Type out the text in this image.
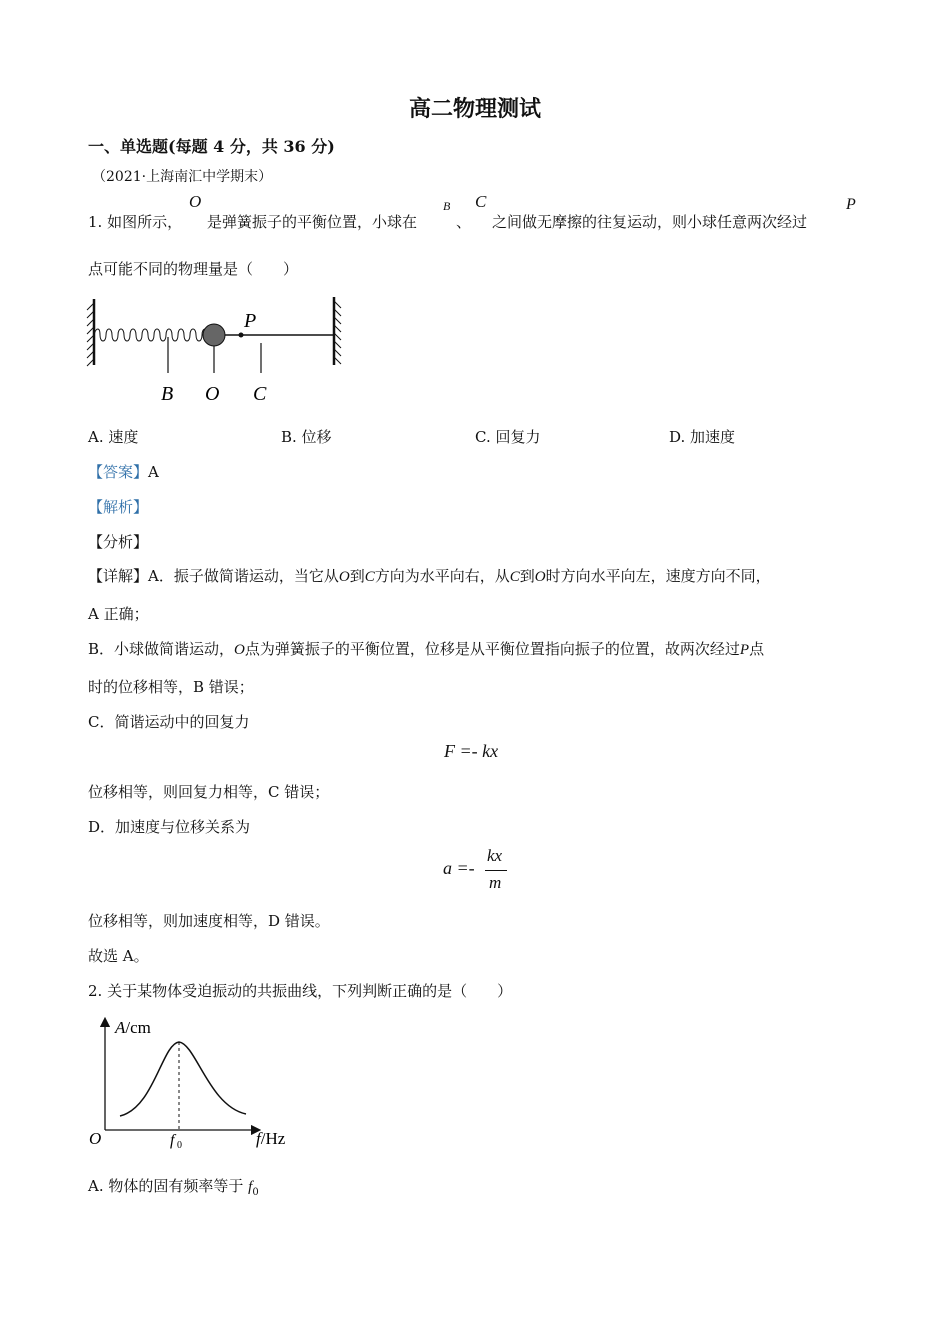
高二物理测试
一、单选题(每题 4 分，共 36 分)
（2021·上海南汇中学期末）
1. 如图所示，
O
是弹簧振子的平衡位置，小球在
B
、
C
之间做无摩擦的往复运动，则小球任意两次经过
P
点可能不同的物理量是（　　）
P
B O C
A. 速度	B. 位移	C. 回复力	D. 加速度
【答案】A
【解析】
【分析】
【详解】A．振子做简谐运动，当它从O到C方向为水平向右，从C到O时方向水平向左，速度方向不同，
A 正确；
B．小球做简谐运动，O点为弹簧振子的平衡位置，位移是从平衡位置指向振子的位置，故两次经过P点
时的位移相等，B 错误；
C．简谐运动中的回复力
F =- kx
位移相等，则回复力相等，C 错误；
D．加速度与位移关系为
a =-
kx
m
位移相等，则加速度相等，D 错误。
故选 A。
2. 关于某物体受迫振动的共振曲线，下列判断正确的是（　　）
A/cm
O	f/Hz
f 0
A. 物体的固有频率等于 $f_0$
